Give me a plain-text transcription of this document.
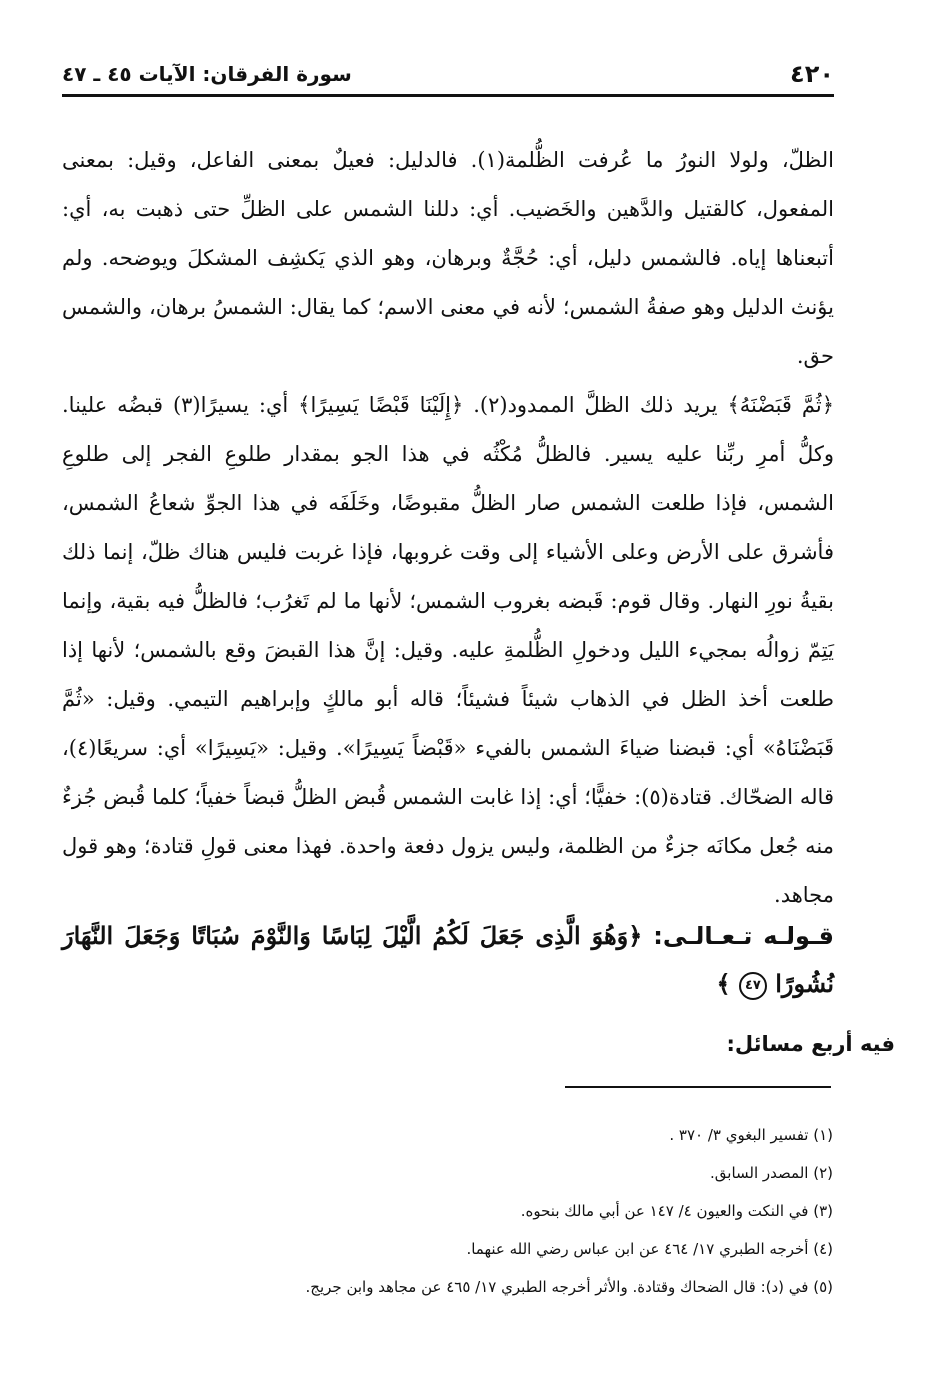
٤٢٠
سورة الفرقان: الآيات ٤٥ ـ ٤٧

الظلّ، ولولا النورُ ما عُرفت الظُّلمة(١). فالدليل: فعيلٌ بمعنى الفاعل، وقيل: بمعنى المفعول، كالقتيل والدَّهين والخَضيب. أي: دللنا الشمس على الظلِّ حتى ذهبت به، أي: أتبعناها إياه. فالشمس دليل، أي: حُجَّةٌ وبرهان، وهو الذي يَكشِف المشكلَ ويوضحه. ولم يؤنث الدليل وهو صفةُ الشمس؛ لأنه في معنى الاسم؛ كما يقال: الشمسُ برهان، والشمس حق.

﴿ثُمَّ قَبَضْنَهُ﴾ يريد ذلك الظلَّ الممدود(٢). ﴿إِلَيْنَا قَبْضًا يَسِيرًا﴾ أي: يسيرًا(٣) قبضُه علينا. وكلُّ أمرِ ربِّنا عليه يسير. فالظلُّ مُكْثُه في هذا الجو بمقدار طلوعِ الفجر إلى طلوعِ الشمس، فإذا طلعت الشمس صار الظلُّ مقبوضًا، وخَلَفَه في هذا الجوِّ شعاعُ الشمس، فأشرق على الأرض وعلى الأشياء إلى وقت غروبها، فإذا غربت فليس هناك ظلّ، إنما ذلك بقيةُ نورِ النهار. وقال قوم: قَبضه بغروب الشمس؛ لأنها ما لم تَغرُب؛ فالظلُّ فيه بقية، وإنما يَتِمّ زوالُه بمجيء الليل ودخولِ الظُّلمةِ عليه. وقيل: إنَّ هذا القبضَ وقع بالشمس؛ لأنها إذا طلعت أخذ الظل في الذهاب شيئاً فشيئاً؛ قاله أبو مالكٍ وإبراهيم التيمي. وقيل: «ثُمَّ قَبَضْنَاهُ» أي: قبضنا ضياءَ الشمس بالفيء «قَبْضاً يَسِيرًا». وقيل: «يَسِيرًا» أي: سريعًا(٤)، قاله الضحّاك. قتادة(٥): خفيًّا؛ أي: إذا غابت الشمس قُبض الظلُّ قبضاً خفياً؛ كلما قُبض جُزءٌ منه جُعل مكانَه جزءٌ من الظلمة، وليس يزول دفعة واحدة. فهذا معنى قولِ قتادة؛ وهو قول مجاهد.

قـولـه تـعـالـى: ﴿وَهُوَ الَّذِى جَعَلَ لَكُمُ الَّيْلَ لِبَاسًا وَالنَّوْمَ سُبَاتًا وَجَعَلَ النَّهَارَ نُشُورًا ٤٧ ﴾
فيه أربع مسائل:
(١) تفسير البغوي ٣/ ٣٧٠ .
(٢) المصدر السابق.
(٣) في النكت والعيون ٤/ ١٤٧ عن أبي مالك بنحوه.
(٤) أخرجه الطبري ١٧/ ٤٦٤ عن ابن عباس رضي الله عنهما.
(٥) في (د): قال الضحاك وقتادة. والأثر أخرجه الطبري ١٧/ ٤٦٥ عن مجاهد وابن جريج.
